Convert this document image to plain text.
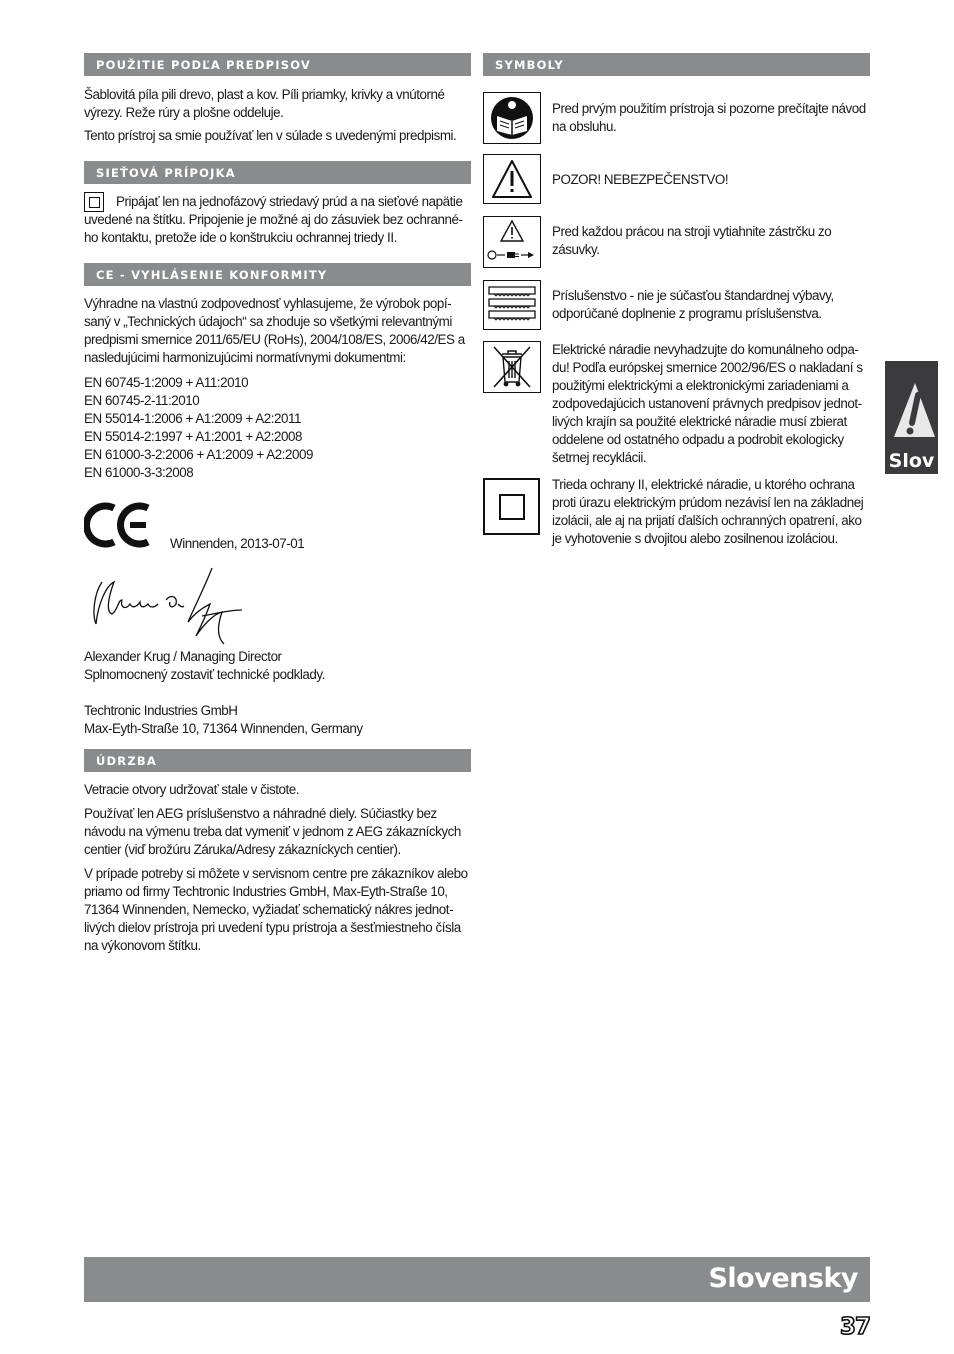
POUŽITIE PODĽA PREDPISOV

Šablovitá píla pili drevo, plast a kov. Píli priamky, krivky a vnútorné
výrezy. Reže rúry a plošne oddeluje.

Tento prístroj sa smie používať len v súlade s uvedenými predpismi.

SIEŤOVÁ PRÍPOJKA

Pripájať len na jednofázový striedavý prúd a na sieťové napätie

uvedené na štítku. Pripojenie je možné aj do zásuviek bez ochranné-
ho kontaktu, pretože ide o konštrukciu ochrannej triedy II.

CE - VYHLÁSENIE KONFORMITY

Výhradne na vlastnú zodpovednosť vyhlasujeme, že výrobok popí-
saný v „Technických údajoch“ sa zhoduje so všetkými relevantnými
predpismi smernice 2011/65/EU (RoHs), 2004/108/ES, 2006/42/ES a
nasledujúcimi harmonizujúcimi normatívnymi dokumentmi:

EN 60745-1:2009 + A11:2010
EN 60745-2-11:2010
EN 55014-1:2006 + A1:2009 + A2:2011
EN 55014-2:1997 + A1:2001 + A2:2008
EN 61000-3-2:2006 + A1:2009 + A2:2009
EN 61000-3-3:2008

Winnenden, 2013-07-01

Alexander Krug / Managing Director
Splnomocnený zostaviť technické podklady.

Techtronic Industries GmbH
Max-Eyth-Straße 10, 71364 Winnenden, Germany

ÚDRZBA

Vetracie otvory udržovať stale v čistote.

Používať len AEG príslušenstvo a náhradné diely. Súčiastky bez
návodu na výmenu treba dat vymeniť v jednom z AEG zákazníckych
centier (viď brožúru Záruka/Adresy zákazníckych centier).

V prípade potreby si môžete v servisnom centre pre zákazníkov alebo
priamo od firmy Techtronic Industries GmbH, Max-Eyth-Straße 10,
71364 Winnenden, Nemecko, vyžiadať schematický nákres jednot-
livých dielov prístroja pri uvedení typu prístroja a šesťmiestneho čísla
na výkonovom štítku.

SYMBOLY
Pred prvým použitím prístroja si pozorne prečítajte návod
na obsluhu.
POZOR! NEBEZPEČENSTVO!
Pred každou prácou na stroji vytiahnite zástrčku zo
zásuvky.
Príslušenstvo - nie je súčasťou štandardnej výbavy,
odporúčané doplnenie z programu príslušenstva.
Elektrické náradie nevyhadzujte do komunálneho odpa-
du! Podľa európskej smernice 2002/96/ES o nakladaní s
použitými elektrickými a elektronickými zariadeniami a
zodpovedajúcich ustanovení právnych predpisov jednot-
livých krajín sa použité elektrické náradie musí zbierat
oddelene od ostatného odpadu a podrobit ekologicky
šetrnej recyklácii.
Trieda ochrany II, elektrické náradie, u ktorého ochrana
proti úrazu elektrickým prúdom nezávisí len na základnej
izolácii, ale aj na prijatí ďalších ochranných opatrení, ako
je vyhotovenie s dvojitou alebo zosilnenou izoláciou.
Slov
Slovensky
37
